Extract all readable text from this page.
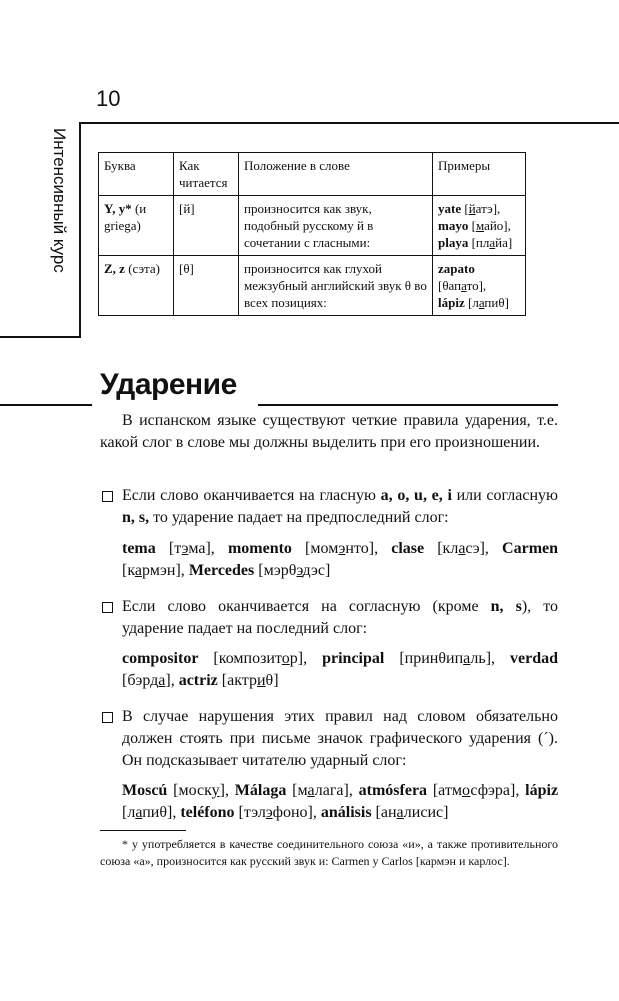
10
Интенсивный курс	Буква	Как читается	Положение в слове	Примеры
Y, y* (и griega)	[й]	произносится как звук, подобный русскому й в сочетании с гласными:	yate [йатэ],
mayo [майо],
playa [плайа]

Z, z (сэта)	[θ]	произносится как глухой межзубный английский звук θ во всех позициях:	zapato [θапато],
lápiz [лапиθ]
Ударение
В испанском языке существуют четкие правила ударения, т.е. какой слог в слове мы должны выделить при его произношении.
Если слово оканчивается на гласную a, o, u, e, i или согласную n, s, то ударение падает на предпоследний слог:
tema [тэма], momento [момэнто], clase [класэ], Carmen [кармэн], Mercedes [мэрθэдэс]
Если слово оканчивается на согласную (кроме n, s), то ударение падает на последний слог:
compositor [композитор], principal [принθипаль], verdad [бэрда], actriz [актриθ]
В случае нарушения этих правил над словом обязательно должен стоять при письме значок графического ударения (´). Он подсказывает читателю ударный слог:
Moscú [моску], Málaga [малага], atmósfera [атмосфэра], lápiz [лапиθ], teléfono [тэлэфоно], análisis [аналисис]
* у употребляется в качестве соединительного союза «и», а также противительного союза «а», произносится как русский звук и: Carmen y Carlos [кармэн и карлос].
